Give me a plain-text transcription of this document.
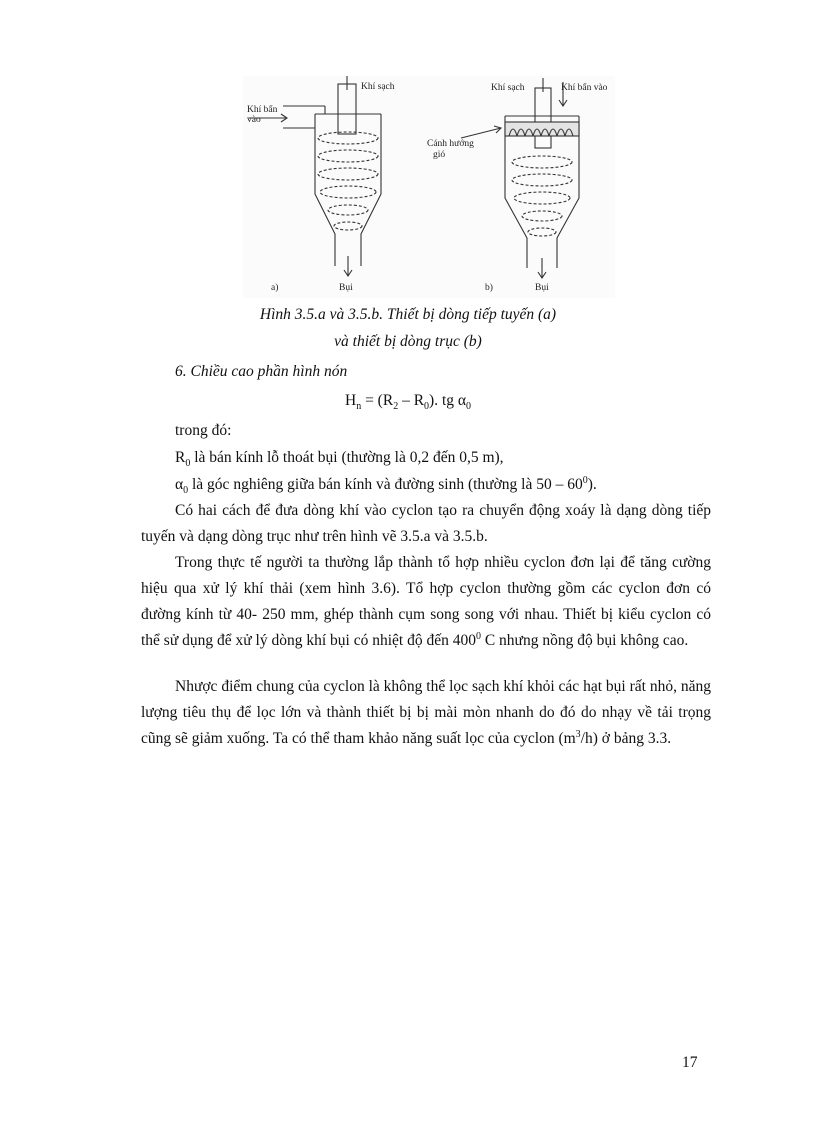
Khí sạch
Khí bẩn
vào
Bụi
a)
Khí sạch	Khí bẩn vào
Cánh hướng
gió
Bụi
b)
Hình 3.5.a và 3.5.b. Thiết bị dòng tiếp tuyến (a)
và thiết bị dòng trục (b)
6. Chiều cao phần hình nón
$H_n = (R_2 - R_0)$. tg $\alpha_0$
trong đó:
$R_0$ là bán kính lỗ thoát bụi (thường là 0,2 đến 0,5 m),
$\alpha_0$ là góc nghiêng giữa bán kính và đường sinh (thường là $50 - 60^0$).
Có hai cách để đưa dòng khí vào cyclon tạo ra chuyển động xoáy là dạng dòng tiếp tuyến và dạng dòng trục như trên hình vẽ 3.5.a và 3.5.b.
Trong thực tế người ta thường lắp thành tổ hợp nhiều cyclon đơn lại để tăng cường hiệu qua xử lý khí thải (xem hình 3.6). Tổ hợp cyclon thường gồm các cyclon đơn có đường kính từ 40- 250 mm, ghép thành cụm song song với nhau. Thiết bị kiểu cyclon có thể sử dụng để xử lý dòng khí bụi có nhiệt độ đến $400^0$ C nhưng nồng độ bụi không cao.
Nhược điểm chung của cyclon là không thể lọc sạch khí khỏi các hạt bụi rất nhỏ, năng lượng tiêu thụ để lọc lớn và thành thiết bị bị mài mòn nhanh do đó do nhạy về tải trọng cũng sẽ giảm xuống. Ta có thể tham khảo năng suất lọc của cyclon $(m^3/h)$ ở bảng 3.3.
17
